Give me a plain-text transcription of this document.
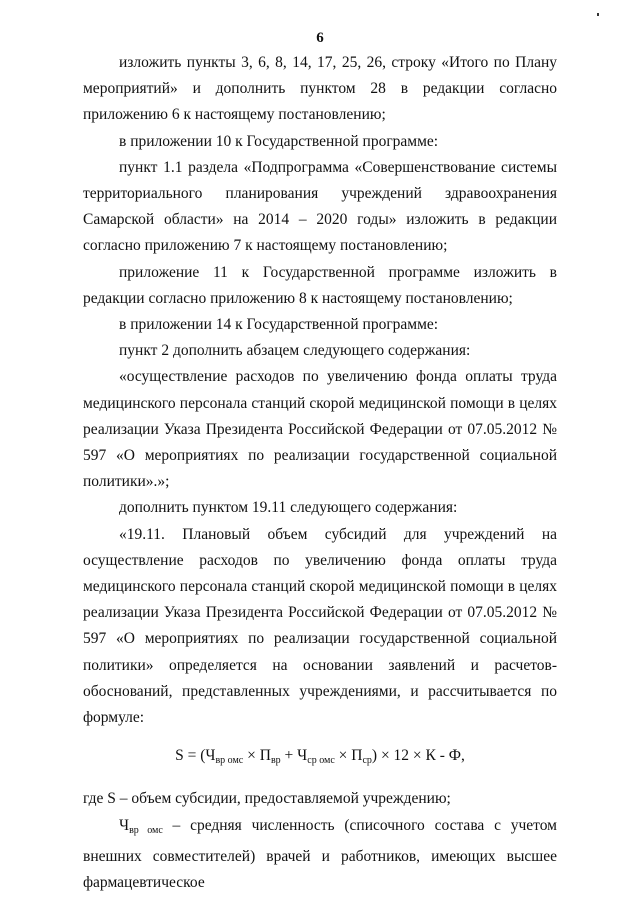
6

изложить пункты 3, 6, 8, 14, 17, 25, 26, строку «Итого по Плану мероприятий» и дополнить пунктом 28 в редакции согласно приложению 6 к настоящему постановлению;

в приложении 10 к Государственной программе:

пункт 1.1 раздела «Подпрограмма «Совершенствование системы территориального планирования учреждений здравоохранения Самарской области» на 2014 – 2020 годы» изложить в редакции согласно приложению 7 к настоящему постановлению;

приложение 11 к Государственной программе изложить в редакции согласно приложению 8 к настоящему постановлению;

в приложении 14 к Государственной программе:

пункт 2 дополнить абзацем следующего содержания:

«осуществление расходов по увеличению фонда оплаты труда медицинского персонала станций скорой медицинской помощи в целях реализации Указа Президента Российской Федерации от 07.05.2012 № 597 «О мероприятиях по реализации государственной социальной политики».»;

дополнить пунктом 19.11 следующего содержания:

«19.11. Плановый объем субсидий для учреждений на осуществление расходов по увеличению фонда оплаты труда медицинского персонала станций скорой медицинской помощи в целях реализации Указа Президента Российской Федерации от 07.05.2012 № 597 «О мероприятиях по реализации государственной социальной политики» определяется на основании заявлений и расчетов-обоснований, представленных учреждениями, и рассчитывается по формуле:

$S = (Ч_{вр омс} \times П_{вр} + Ч_{ср омс} \times П_{ср}) \times 12 \times К - Ф$,

где S – объем субсидии, предоставляемой учреждению;

$Ч_{вр омс}$ – средняя численность (списочного состава с учетом внешних совместителей) врачей и работников, имеющих высшее фармацевтическое
